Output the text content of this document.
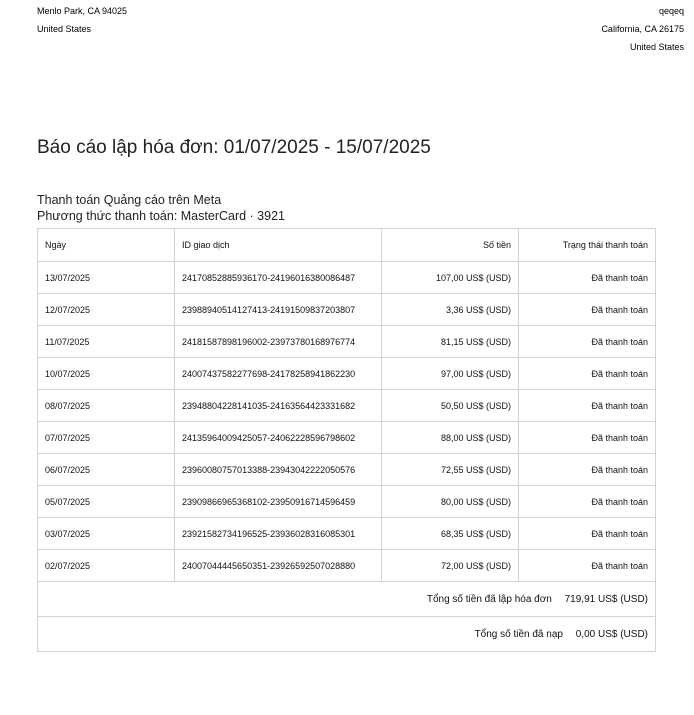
Menlo Park, CA 94025
United States
qeqeq
California, CA 26175
United States
Báo cáo lập hóa đơn: 01/07/2025 - 15/07/2025
Thanh toán Quảng cáo trên Meta
Phương thức thanh toán: MasterCard · 3921
Ngày	ID giao dịch	Số tiền	Trạng thái thanh toán
13/07/2025	24170852885936170-24196016380086487	107,00 US$ (USD)	Đã thanh toán
12/07/2025	23988940514127413-24191509837203807	3,36 US$ (USD)	Đã thanh toán
11/07/2025	24181587898196002-23973780168976774	81,15 US$ (USD)	Đã thanh toán
10/07/2025	24007437582277698-24178258941862230	97,00 US$ (USD)	Đã thanh toán
08/07/2025	23948804228141035-24163564423331682	50,50 US$ (USD)	Đã thanh toán
07/07/2025	24135964009425057-24062228596798602	88,00 US$ (USD)	Đã thanh toán
06/07/2025	23960080757013388-23943042222050576	72,55 US$ (USD)	Đã thanh toán
05/07/2025	23909866965368102-23950916714596459	80,00 US$ (USD)	Đã thanh toán
03/07/2025	23921582734196525-23936028316085301	68,35 US$ (USD)	Đã thanh toán
02/07/2025	24007044445650351-23926592507028880	72,00 US$ (USD)	Đã thanh toán
Tổng số tiền đã lập hóa đơn 719,91 US$ (USD)			
Tổng số tiền đã nạp 0,00 US$ (USD)			
